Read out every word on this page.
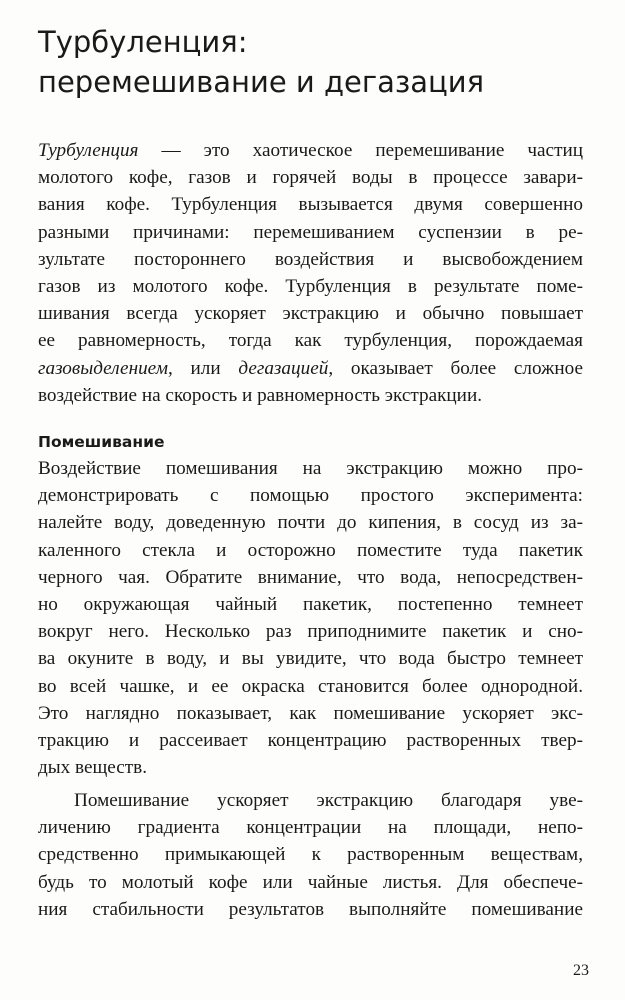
Турбуленция:
перемешивание и дегазация
Турбуленция — это хаотическое перемешивание частиц
молотого кофе, газов и горячей воды в процессе завари-
вания кофе. Турбуленция вызывается двумя совершенно
разными причинами: перемешиванием суспензии в ре-
зультате постороннего воздействия и высвобождением
газов из молотого кофе. Турбуленция в результате поме-
шивания всегда ускоряет экстракцию и обычно повышает
ее равномерность, тогда как турбуленция, порождаемая
газовыделением, или дегазацией, оказывает более сложное
воздействие на скорость и равномерность экстракции.
Помешивание
Воздействие помешивания на экстракцию можно про-
демонстрировать с помощью простого эксперимента:
налейте воду, доведенную почти до кипения, в сосуд из за-
каленного стекла и осторожно поместите туда пакетик
черного чая. Обратите внимание, что вода, непосредствен-
но окружающая чайный пакетик, постепенно темнеет
вокруг него. Несколько раз приподнимите пакетик и сно-
ва окуните в воду, и вы увидите, что вода быстро темнеет
во всей чашке, и ее окраска становится более однородной.
Это наглядно показывает, как помешивание ускоряет экс-
тракцию и рассеивает концентрацию растворенных твер-
дых веществ.
Помешивание ускоряет экстракцию благодаря уве-
личению градиента концентрации на площади, непо-
средственно примыкающей к растворенным веществам,
будь то молотый кофе или чайные листья. Для обеспече-
ния стабильности результатов выполняйте помешивание
23
